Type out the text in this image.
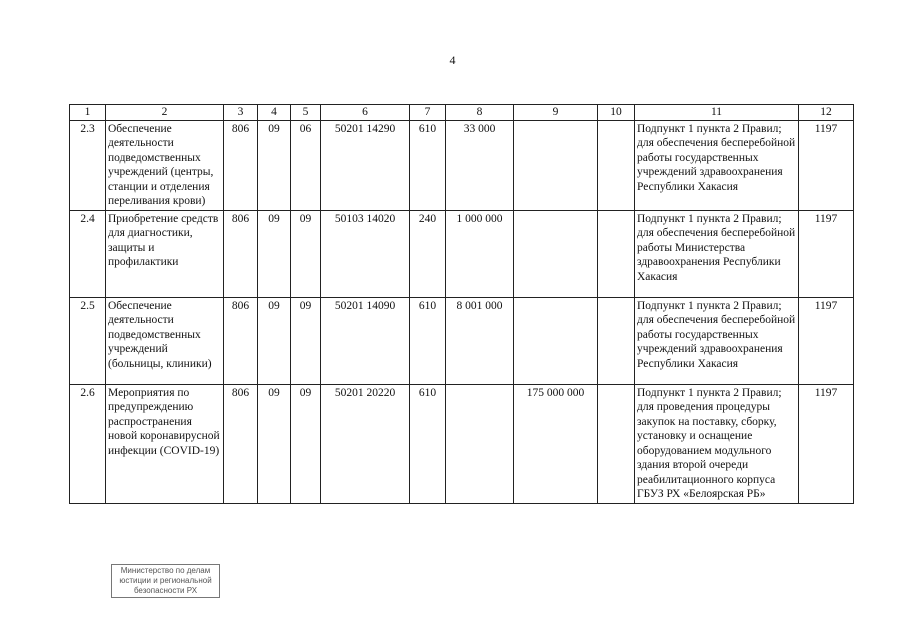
4
1	2	3	4	5	6	7	8	9	10	11	12
2.3	Обеспечение деятельности подведомственных учреждений (центры, станции и отделения переливания крови)	806	09	06	50201 14290	610	33 000			Подпункт 1 пункта 2 Правил; для обеспечения бесперебойной работы государственных учреждений здравоохранения Республики Хакасия	1197
2.4	Приобретение средств для диагностики, защиты и профилактики	806	09	09	50103 14020	240	1 000 000			Подпункт 1 пункта 2 Правил; для обеспечения бесперебойной работы Министерства здравоохранения Республики Хакасия	1197
2.5	Обеспечение деятельности подведомственных учреждений (больницы, клиники)	806	09	09	50201 14090	610	8 001 000			Подпункт 1 пункта 2 Правил; для обеспечения бесперебойной работы государственных учреждений здравоохранения Республики Хакасия	1197
2.6	Мероприятия по предупреждению распространения новой коронавирусной инфекции (COVID-19)	806	09	09	50201 20220	610		175 000 000		Подпункт 1 пункта 2 Правил; для проведения процедуры закупок на поставку, сборку, установку и оснащение оборудованием модульного здания второй очереди реабилитационного корпуса ГБУЗ РХ «Белоярская РБ»	1197
Министерство по делам
юстиции и региональной
безопасности РХ
